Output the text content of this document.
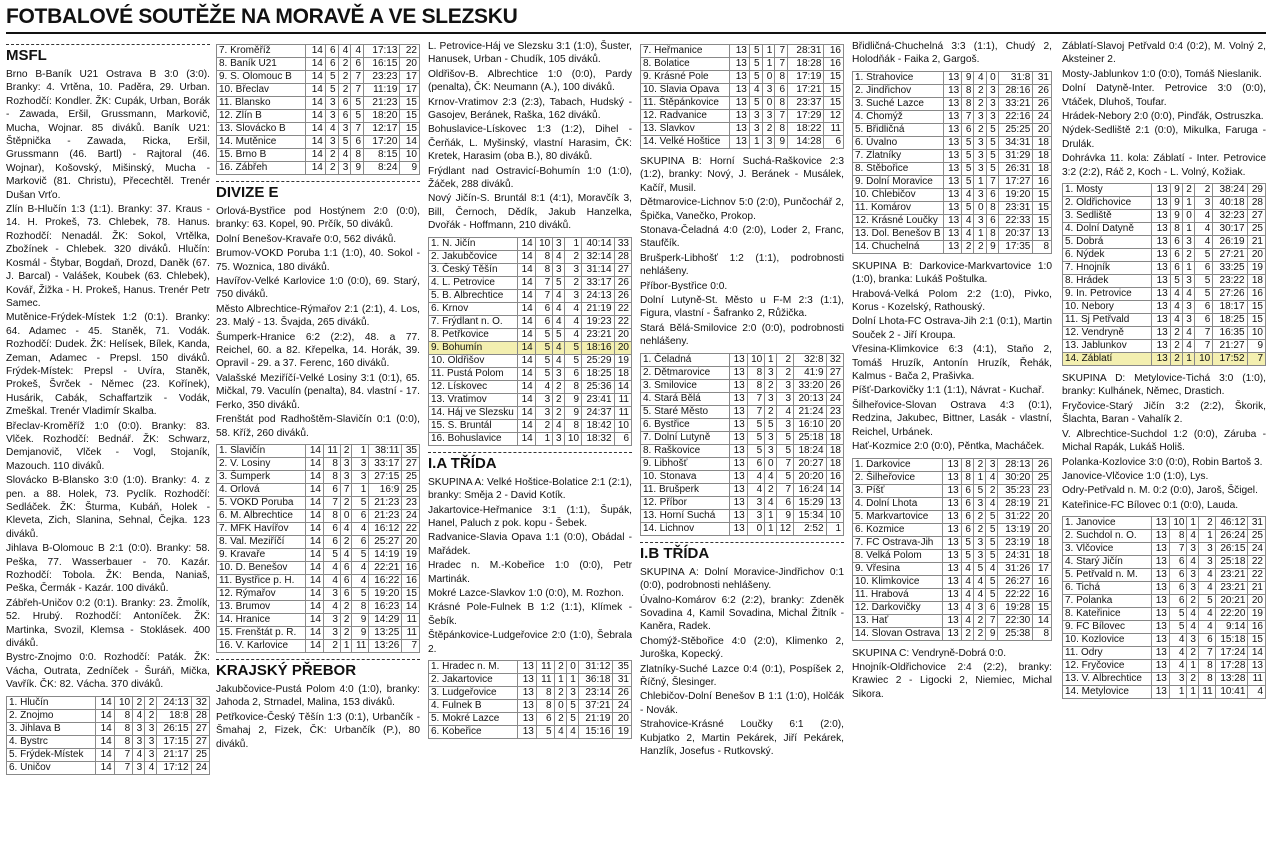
FOTBALOVÉ SOUTĚŽE NA MORAVĚ A VE SLEZSKU
MSFL

Brno B-Baník U21 Ostrava B 3:0 (3:0). Branky: 4. Vrtěna, 10. Paděra, 29. Urban. Rozhodčí: Kondler. ŽK: Cupák, Urban, Borák - Zawada, Eršil, Grussmann, Markovič, Mucha, Wojnar. 85 diváků. Baník U21: Štěpnička - Zawada, Ricka, Eršil, Grussmann (46. Bartl) - Rajtoral (46. Wojnar), Košovský, Mišinský, Mucha - Markovič (81. Christu), Přecechtěl. Trenér Dušan Vrťo.

Zlín B-Hlučín 1:3 (1:1). Branky: 37. Kraus - 14. H. Prokeš, 73. Chlebek, 78. Hanus. Rozhodčí: Nenadál. ŽK: Sokol, Vrtělka, Zbožínek - Chlebek. 320 diváků. Hlučín: Kosmál - Štybar, Bogdaň, Drozd, Daněk (67. J. Barcal) - Valášek, Koubek (63. Chlebek), Kovář, Žižka - H. Prokeš, Hanus. Trenér Petr Samec.

Mutěnice-Frýdek-Místek 1:2 (0:1). Branky: 64. Adamec - 45. Staněk, 71. Vodák. Rozhodčí: Dudek. ŽK: Helísek, Bílek, Kanda, Zeman, Adamec - Prepsl. 150 diváků. Frýdek-Místek: Prepsl - Uvíra, Staněk, Prokeš, Švrček - Němec (23. Kořínek), Husárik, Cabák, Schaffartzik - Vodák, Zmeškal. Trenér Vladimír Skalba.

Břeclav-Kroměříž 1:0 (0:0). Branky: 83. Vlček. Rozhodčí: Bednář. ŽK: Schwarz, Demjanovič, Vlček - Vogl, Stojaník, Mazouch. 110 diváků.

Slovácko B-Blansko 3:0 (1:0). Branky: 4. z pen. a 88. Holek, 73. Pyclík. Rozhodčí: Sedláček. ŽK: Šturma, Kubáň, Holek - Kleveta, Zich, Slanina, Sehnal, Čejka. 123 diváků.

Jihlava B-Olomouc B 2:1 (0:0). Branky: 58. Peška, 77. Wasserbauer - 70. Kazár. Rozhodčí: Tobola. ŽK: Benda, Naniaš, Peška, Čermák - Kazár. 100 diváků.

Zábřeh-Uničov 0:2 (0:1). Branky: 23. Žmolík, 52. Hrubý. Rozhodčí: Antoníček. ŽK: Martinka, Svozil, Klemsa - Stoklásek. 400 diváků.

Bystrc-Znojmo 0:0. Rozhodčí: Paták. ŽK: Vácha, Outrata, Zedníček - Šuráň, Mička, Vavřík. ČK: 82. Vácha. 370 diváků.

1. Hlučín	14	10	2	2	24:13	32
2. Znojmo	14	8	4	2	18:8	28
3. Jihlava B	14	8	3	3	26:15	27
4. Bystrc	14	8	3	3	17:15	27
5. Frýdek-Místek	14	7	4	3	21:17	25
6. Uničov	14	7	3	4	17:12	24
7. Kroměříž	14	6	4	4	17:13	22
8. Baník U21	14	6	2	6	16:15	20
9. S. Olomouc B	14	5	2	7	23:23	17
10. Břeclav	14	5	2	7	11:19	17
11. Blansko	14	3	6	5	21:23	15
12. Zlín B	14	3	6	5	18:20	15
13. Slovácko B	14	4	3	7	12:17	15
14. Mutěnice	14	3	5	6	17:20	14
15. Brno B	14	2	4	8	8:15	10
16. Zábřeh	14	2	3	9	8:24	9
DIVIZE E

Orlová-Bystřice pod Hostýnem 2:0 (0:0), branky: 63. Kopel, 90. Prčík, 50 diváků.

Dolní Benešov-Kravaře 0:0, 562 diváků.

Brumov-VOKD Poruba 1:1 (1:0), 40. Sokol - 75. Woznica, 180 diváků.

Havířov-Velké Karlovice 1:0 (0:0), 69. Starý, 750 diváků.

Město Albrechtice-Rýmařov 2:1 (2:1), 4. Los, 23. Malý - 13. Švajda, 265 diváků.

Šumperk-Hranice 6:2 (2:2), 48. a 77. Reichel, 60. a 82. Křepelka, 14. Horák, 39. Opravil - 29. a 37. Ferenc, 160 diváků.

Valašské Meziříčí-Velké Losiny 3:1 (0:1), 65. Mičkal, 79. Vaculín (penalta), 84. vlastní - 17. Ferko, 350 diváků.

Frenštát pod Radhoštěm-Slavičín 0:1 (0:0), 58. Kříž, 260 diváků.

1. Slavičín	14	11	2	1	38:11	35
2. V. Losiny	14	8	3	3	33:17	27
3. Šumperk	14	8	3	3	27:15	25
4. Orlová	14	6	7	1	16:9	25
5. VOKD Poruba	14	7	2	5	21:23	23
6. M. Albrechtice	14	8	0	6	21:23	24
7. MFK Havířov	14	6	4	4	16:12	22
8. Val. Meziříčí	14	6	2	6	25:27	20
9. Kravaře	14	5	4	5	14:19	19
10. D. Benešov	14	4	6	4	22:21	16
11. Bystřice p. H.	14	4	6	4	16:22	16
12. Rýmařov	14	3	6	5	19:20	15
13. Brumov	14	4	2	8	16:23	14
14. Hranice	14	3	2	9	14:29	11
15. Frenštát p. R.	14	3	2	9	13:25	11
16. V. Karlovice	14	2	1	11	13:26	7
KRAJSKÝ PŘEBOR

Jakubčovice-Pustá Polom 4:0 (1:0), branky: Jahoda 2, Strnadel, Malina, 153 diváků.

Petřkovice-Český Těšín 1:3 (0:1), Urbančík - Šmahaj 2, Fizek, ČK: Urbančík (P.), 80 diváků.

L. Petrovice-Háj ve Slezsku 3:1 (1:0), Šuster, Hanusek, Urban - Chudík, 105 diváků.

Oldřišov-B. Albrechtice 1:0 (0:0), Pardy (penalta), ČK: Neumann (A.), 100 diváků.

Krnov-Vratimov 2:3 (2:3), Tabach, Hudský - Gasojev, Beránek, Raška, 162 diváků.

Bohuslavice-Lískovec 1:3 (1:2), Dihel - Čerňák, L. Myšinský, vlastní Harasim, ČK: Kretek, Harasim (oba B.), 80 diváků.

Frýdlant nad Ostravicí-Bohumín 1:0 (1:0), Žáček, 288 diváků.

Nový Jičín-S. Bruntál 8:1 (4:1), Moravčík 3, Bill, Černoch, Dědík, Jakub Hanzelka, Dvořák - Hoffmann, 210 diváků.

1. N. Jičín	14	10	3	1	40:14	33
2. Jakubčovice	14	8	4	2	32:14	28
3. Český Těšín	14	8	3	3	31:14	27
4. L. Petrovice	14	7	5	2	33:17	26
5. B. Albrechtice	14	7	4	3	24:13	26
6. Krnov	14	6	4	4	21:19	22
7. Frýdlant n. O.	14	6	4	4	19:23	22
8. Petřkovice	14	5	5	4	23:21	20
9. Bohumín	14	5	4	5	18:16	20
10. Oldřišov	14	5	4	5	25:29	19
11. Pustá Polom	14	5	3	6	18:25	18
12. Lískovec	14	4	2	8	25:36	14
13. Vratimov	14	3	2	9	23:41	11
14. Háj ve Slezsku	14	3	2	9	24:37	11
15. S. Bruntál	14	2	4	8	18:42	10
16. Bohuslavice	14	1	3	10	18:32	6
I.A TŘÍDA

SKUPINA A: Velké Hoštice-Bolatice 2:1 (2:1), branky: Směja 2 - David Kotík.

Jakartovice-Heřmanice 3:1 (1:1), Šupák, Hanel, Paluch z pok. kopu - Šebek.

Radvanice-Slavia Opava 1:1 (0:0), Obádal - Mařádek.

Hradec n. M.-Kobeřice 1:0 (0:0), Petr Martinák.

Mokré Lazce-Slavkov 1:0 (0:0), M. Rozhon.

Krásné Pole-Fulnek B 1:2 (1:1), Klímek - Šebík.

Štěpánkovice-Ludgeřovice 2:0 (1:0), Šebrala 2.

1. Hradec n. M.	13	11	2	0	31:12	35
2. Jakartovice	13	11	1	1	36:18	31
3. Ludgeřovice	13	8	2	3	23:14	26
4. Fulnek B	13	8	0	5	37:21	24
5. Mokré Lazce	13	6	2	5	21:19	20
6. Kobeřice	13	5	4	4	15:16	19
7. Heřmanice	13	5	1	7	28:31	16
8. Bolatice	13	5	1	7	18:28	16
9. Krásné Pole	13	5	0	8	17:19	15
10. Slavia Opava	13	4	3	6	17:21	15
11. Štěpánkovice	13	5	0	8	23:37	15
12. Radvanice	13	3	3	7	17:29	12
13. Slavkov	13	3	2	8	18:22	11
14. Velké Hoštice	13	1	3	9	14:28	6

SKUPINA B: Horní Suchá-Raškovice 2:3 (1:2), branky: Nový, J. Beránek - Musálek, Kačíř, Musil.

Dětmarovice-Lichnov 5:0 (2:0), Punčochář 2, Špička, Vanečko, Prokop.

Stonava-Čeladná 4:0 (2:0), Loder 2, Franc, Staufčík.

Brušperk-Libhošť 1:2 (1:1), podrobnosti nehlášeny.

Příbor-Bystřice 0:0.

Dolní Lutyně-St. Město u F-M 2:3 (1:1), Figura, vlastní - Šafranko 2, Růžička.

Stará Bělá-Smilovice 2:0 (0:0), podrobnosti nehlášeny.

1. Čeladná	13	10	1	2	32:8	32
2. Dětmarovice	13	8	3	2	41:9	27
3. Smilovice	13	8	2	3	33:20	26
4. Stará Bělá	13	7	3	3	20:13	24
5. Staré Město	13	7	2	4	21:24	23
6. Bystřice	13	5	5	3	16:10	20
7. Dolní Lutyně	13	5	3	5	25:18	18
8. Raškovice	13	5	3	5	18:24	18
9. Libhošť	13	6	0	7	20:27	18
10. Stonava	13	4	4	5	20:20	16
11. Brušperk	13	4	2	7	16:24	14
12. Příbor	13	3	4	6	15:29	13
13. Horní Suchá	13	3	1	9	15:34	10
14. Lichnov	13	0	1	12	2:52	1
I.B TŘÍDA

SKUPINA A: Dolní Moravice-Jindřichov 0:1 (0:0), podrobnosti nehlášeny.

Úvalno-Komárov 6:2 (2:2), branky: Zdeněk Sovadina 4, Kamil Sovadina, Michal Žitník - Kaněra, Radek.

Chomýž-Stěbořice 4:0 (2:0), Klimenko 2, Juroška, Kopecký.

Zlatníky-Suché Lazce 0:4 (0:1), Pospíšek 2, Říčný, Šlesinger.

Chlebičov-Dolní Benešov B 1:1 (1:0), Holčák - Novák.

Strahovice-Krásné Loučky 6:1 (2:0), Kubjatko 2, Martin Pekárek, Jiří Pekárek, Hanzlík, Josefus - Rutkovský.

Břidličná-Chuchelná 3:3 (1:1), Chudý 2, Holodňák - Faika 2, Gargoš.

1. Strahovice	13	9	4	0	31:8	31
2. Jindřichov	13	8	2	3	28:16	26
3. Suché Lazce	13	8	2	3	33:21	26
4. Chomýž	13	7	3	3	22:16	24
5. Břidličná	13	6	2	5	25:25	20
6. Úvalno	13	5	3	5	34:31	18
7. Zlatníky	13	5	3	5	31:29	18
8. Stěbořice	13	5	3	5	26:31	18
9. Dolní Moravice	13	5	1	7	17:27	16
10. Chlebičov	13	4	3	6	19:20	15
11. Komárov	13	5	0	8	23:31	15
12. Krásné Loučky	13	4	3	6	22:33	15
13. Dol. Benešov B	13	4	1	8	20:37	13
14. Chuchelná	13	2	2	9	17:35	8

SKUPINA B: Darkovice-Markvartovice 1:0 (1:0), branka: Lukáš Poštulka.

Hrabová-Velká Polom 2:2 (1:0), Pivko, Korus - Kozelský, Rathouský.

Dolní Lhota-FC Ostrava-Jih 2:1 (0:1), Martin Souček 2 - Jiří Kroupa.

Vřesina-Klimkovice 6:3 (4:1), Staňo 2, Tomáš Hruzík, Antonín Hruzík, Řehák, Kalmus - Bača 2, Prašivka.

Píšť-Darkovičky 1:1 (1:1), Návrat - Kuchař.

Šilheřovice-Slovan Ostrava 4:3 (0:1), Redzina, Jakubec, Bittner, Lasák - vlastní, Reichel, Urbánek.

Hať-Kozmice 2:0 (0:0), Pěntka, Macháček.

1. Darkovice	13	8	2	3	28:13	26
2. Šilheřovice	13	8	1	4	30:20	25
3. Píšť	13	6	5	2	35:23	23
4. Dolní Lhota	13	6	3	4	28:19	21
5. Markvartovice	13	6	2	5	31:22	20
6. Kozmice	13	6	2	5	13:19	20
7. FC Ostrava-Jih	13	5	3	5	23:19	18
8. Velká Polom	13	5	3	5	24:31	18
9. Vřesina	13	4	5	4	31:26	17
10. Klimkovice	13	4	4	5	26:27	16
11. Hrabová	13	4	4	5	22:22	16
12. Darkovičky	13	4	3	6	19:28	15
13. Hať	13	4	2	7	22:30	14
14. Slovan Ostrava	13	2	2	9	25:38	8

SKUPINA C: Vendryně-Dobrá 0:0.

Hnojník-Oldřichovice 2:4 (2:2), branky: Krawiec 2 - Ligocki 2, Niemiec, Michal Sikora.

Záblatí-Slavoj Petřvald 0:4 (0:2), M. Volný 2, Aksteiner 2.

Mosty-Jablunkov 1:0 (0:0), Tomáš Nieslanik.

Dolní Datyně-Inter. Petrovice 3:0 (0:0), Vtáček, Dluhoš, Toufar.

Hrádek-Nebory 2:0 (0:0), Pinďák, Ostruszka.

Nýdek-Sedliště 2:1 (0:0), Mikulka, Faruga - Drulák.

Dohrávka 11. kola: Záblatí - Inter. Petrovice 3:2 (2:2), Ráč 2, Koch - L. Volný, Kožiak.

1. Mosty	13	9	2	2	38:24	29
2. Oldřichovice	13	9	1	3	40:18	28
3. Sedliště	13	9	0	4	32:23	27
4. Dolní Datyně	13	8	1	4	30:17	25
5. Dobrá	13	6	3	4	26:19	21
6. Nýdek	13	6	2	5	27:21	20
7. Hnojník	13	6	1	6	33:25	19
8. Hrádek	13	5	3	5	23:22	18
9. In. Petrovice	13	4	4	5	27:26	16
10. Nebory	13	4	3	6	18:17	15
11. Sj Petřvald	13	4	3	6	18:25	15
12. Vendryně	13	2	4	7	16:35	10
13. Jablunkov	13	2	4	7	21:27	9
14. Záblatí	13	2	1	10	17:52	7

SKUPINA D: Metylovice-Tichá 3:0 (1:0), branky: Kulhánek, Němec, Drastich.

Fryčovice-Starý Jičín 3:2 (2:2), Škorik, Šlachta, Baran - Vahalík 2.

V. Albrechtice-Suchdol 1:2 (0:0), Záruba - Michal Rapák, Lukáš Holiš.

Polanka-Kozlovice 3:0 (0:0), Robin Bartoš 3.

Janovice-Vlčovice 1:0 (1:0), Lys.

Odry-Petřvald n. M. 0:2 (0:0), Jaroš, Ščigel.

Kateřinice-FC Bílovec 0:1 (0:0), Lauda.

1. Janovice	13	10	1	2	46:12	31
2. Suchdol n. O.	13	8	4	1	26:24	25
3. Vlčovice	13	7	3	3	26:15	24
4. Starý Jičín	13	6	4	3	25:18	22
5. Petřvald n. M.	13	6	3	4	23:21	22
6. Tichá	13	6	3	4	23:21	21
7. Polanka	13	6	2	5	20:21	20
8. Kateřinice	13	5	4	4	22:20	19
9. FC Bílovec	13	5	4	4	9:14	16
10. Kozlovice	13	4	3	6	15:18	15
11. Odry	13	4	2	7	17:24	14
12. Fryčovice	13	4	1	8	17:28	13
13. V. Albrechtice	13	3	2	8	13:28	11
14. Metylovice	13	1	1	11	10:41	4
